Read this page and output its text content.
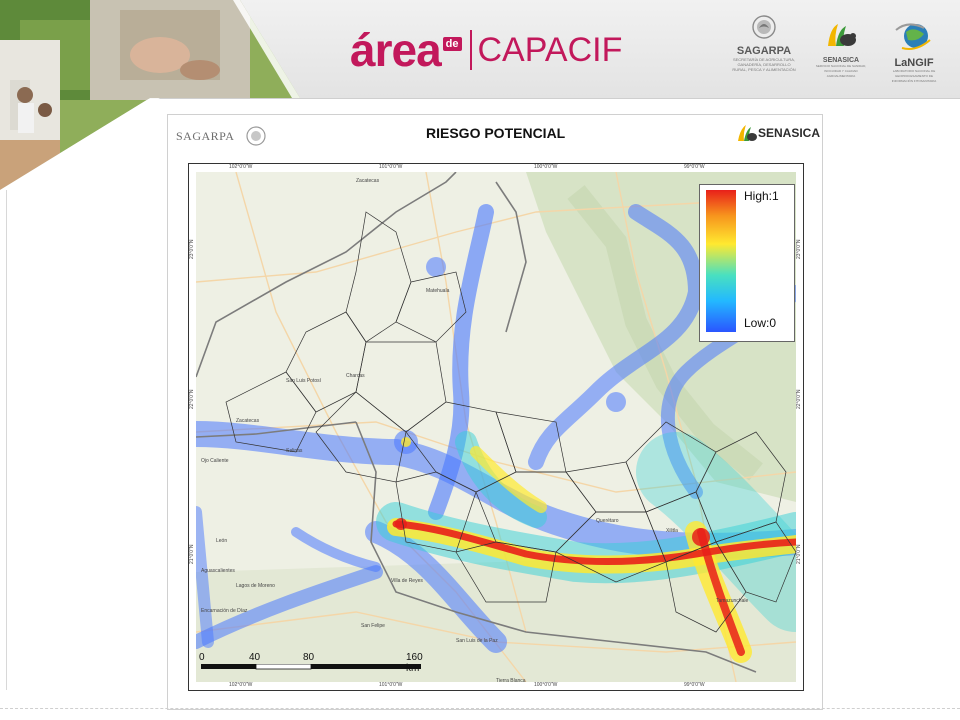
área de CAPACIF	SAGARPA
SECRETARÍA DE AGRICULTURA, GANADERÍA, DESARROLLO RURAL, PESCA Y ALIMENTACIÓN
SENASICA
SERVICIO NACIONAL DE SANIDAD, INOCUIDAD Y CALIDAD AGROALIMENTARIA
LaNGIF
LABORATORIO NACIONAL DE GEOPROCESAMIENTO DE INFORMACIÓN FITOSANITARIA
SAGARPA	RIESGO POTENCIAL	SENASICA
Zacatecas
San Luis Potosí
Charcas
Matehuala
Zacatecas
Salinas
Ojo Caliente
León
Aguascalientes
Querétaro
San Felipe
Villa de Reyes
San Luis de la Paz
Encarnación de Díaz
Lagos de Moreno
Tierra Blanca
Xilitla
Tamazunchale
102°0'0"W	101°0'0"W	100°0'0"W	99°0'0"W
102°0'0"W	101°0'0"W	100°0'0"W	99°0'0"W
23°0'0"N
22°0'0"N
21°0'0"N
23°0'0"N
22°0'0"N
21°0'0"N
High:1
Low:0
0	40	80	160 km
